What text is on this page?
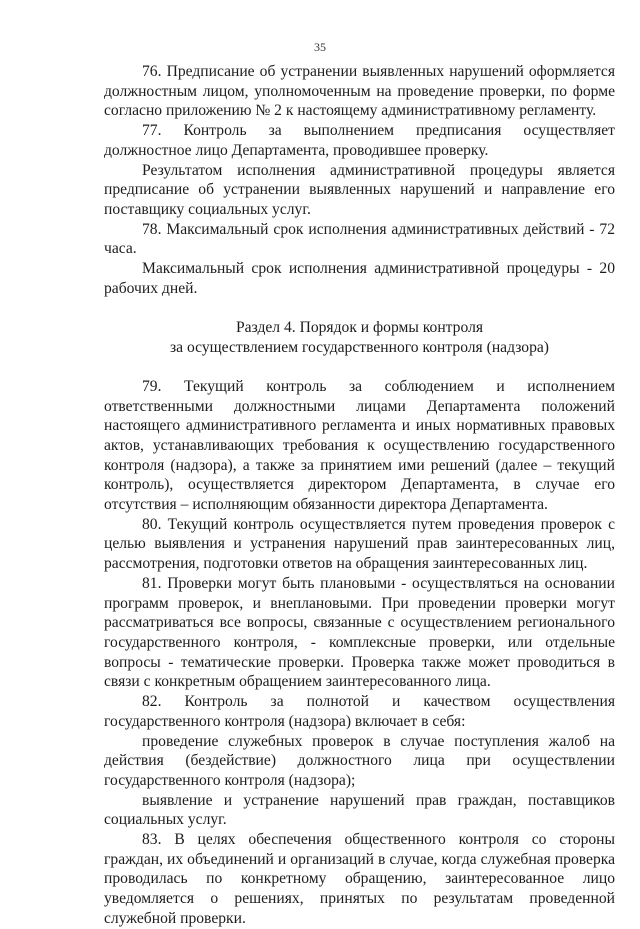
35

76. Предписание об устранении выявленных нарушений оформляется должностным лицом, уполномоченным на проведение проверки, по форме согласно приложению № 2 к настоящему административному регламенту.

77. Контроль за выполнением предписания осуществляет должностное лицо Департамента, проводившее проверку.

Результатом исполнения административной процедуры является предписание об устранении выявленных нарушений и направление его поставщику социальных услуг.

78. Максимальный срок исполнения административных действий - 72 часа.

Максимальный срок исполнения административной процедуры - 20 рабочих дней.

Раздел 4. Порядок и формы контроля
за осуществлением государственного контроля (надзора)

79. Текущий контроль за соблюдением и исполнением ответственными должностными лицами Департамента положений настоящего административного регламента и иных нормативных правовых актов, устанавливающих требования к осуществлению государственного контроля (надзора), а также за принятием ими решений (далее – текущий контроль), осуществляется директором Департамента, в случае его отсутствия – исполняющим обязанности директора Департамента.

80. Текущий контроль осуществляется путем проведения проверок с целью выявления и устранения нарушений прав заинтересованных лиц, рассмотрения, подготовки ответов на обращения заинтересованных лиц.

81. Проверки могут быть плановыми - осуществляться на основании программ проверок, и внеплановыми. При проведении проверки могут рассматриваться все вопросы, связанные с осуществлением регионального государственного контроля, - комплексные проверки, или отдельные вопросы - тематические проверки. Проверка также может проводиться в связи с конкретным обращением заинтересованного лица.

82. Контроль за полнотой и качеством осуществления государственного контроля (надзора) включает в себя:

проведение служебных проверок в случае поступления жалоб на действия (бездействие) должностного лица при осуществлении государственного контроля (надзора);

выявление и устранение нарушений прав граждан, поставщиков социальных услуг.

83. В целях обеспечения общественного контроля со стороны граждан, их объединений и организаций в случае, когда служебная проверка проводилась по конкретному обращению, заинтересованное лицо уведомляется о решениях, принятых по результатам проведенной служебной проверки.
